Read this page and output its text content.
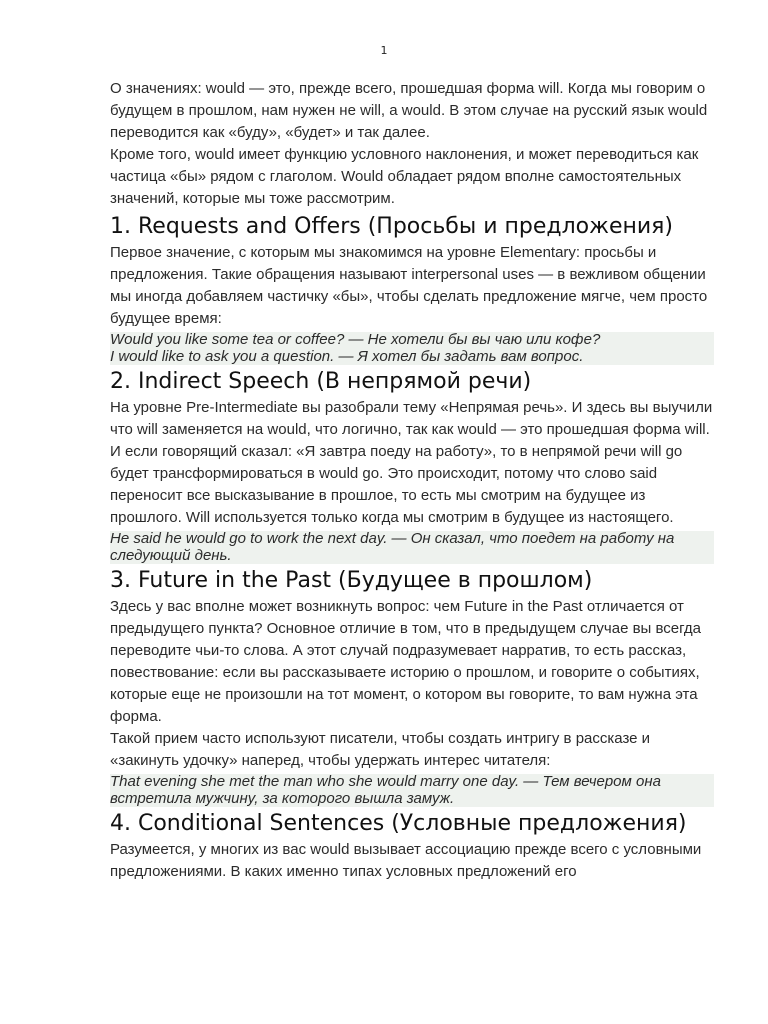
1

О значениях: would — это, прежде всего, прошедшая форма will. Когда мы говорим о будущем в прошлом, нам нужен не will, а would. В этом случае на русский язык would переводится как «буду», «будет» и так далее.

Кроме того, would имеет функцию условного наклонения, и может переводиться как частица «бы» рядом с глаголом. Would обладает рядом вполне самостоятельных значений, которые мы тоже рассмотрим.

1. Requests and Offers (Просьбы и предложения)

Первое значение, с которым мы знакомимся на уровне Elementary: просьбы и предложения. Такие обращения называют interpersonal uses — в вежливом общении мы иногда добавляем частичку «бы», чтобы сделать предложение мягче, чем просто будущее время:

Would you like some tea or coffee? — Не хотели бы вы чаю или кофе?
I would like to ask you a question. — Я хотел бы задать вам вопрос.
2. Indirect Speech (В непрямой речи)

На уровне Pre-Intermediate вы разобрали тему «Непрямая речь». И здесь вы выучили что will заменяется на would, что логично, так как would — это прошедшая форма will. И если говорящий сказал: «Я завтра поеду на работу», то в непрямой речи will go будет трансформироваться в would go. Это происходит, потому что слово said переносит все высказывание в прошлое, то есть мы смотрим на будущее из прошлого. Will используется только когда мы смотрим в будущее из настоящего.

He said he would go to work the next day. — Он сказал, что поедет на работу на следующий день.
3. Future in the Past (Будущее в прошлом)

Здесь у вас вполне может возникнуть вопрос: чем Future in the Past отличается от предыдущего пункта? Основное отличие в том, что в предыдущем случае вы всегда переводите чьи-то слова. А этот случай подразумевает нарратив, то есть рассказ, повествование: если вы рассказываете историю о прошлом, и говорите о событиях, которые еще не произошли на тот момент, о котором вы говорите, то вам нужна эта форма.

Такой прием часто используют писатели, чтобы создать интригу в рассказе и «закинуть удочку» наперед, чтобы удержать интерес читателя:

That evening she met the man who she would marry one day. — Тем вечером она встретила мужчину, за которого вышла замуж.
4. Conditional Sentences (Условные предложения)

Разумеется, у многих из вас would вызывает ассоциацию прежде всего с условными предложениями. В каких именно типах условных предложений его
